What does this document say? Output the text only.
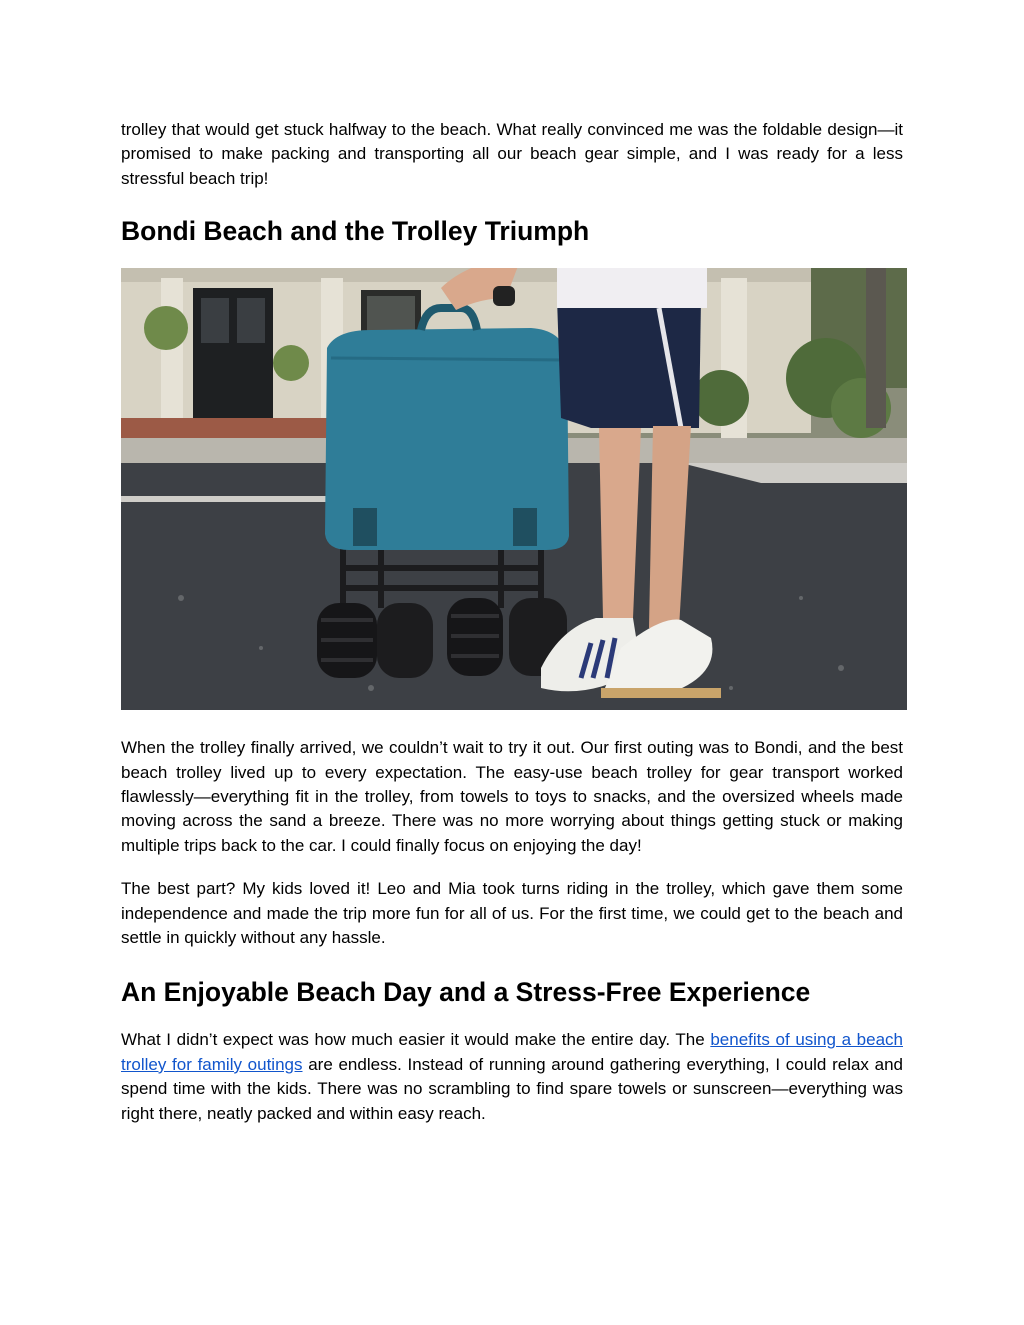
trolley that would get stuck halfway to the beach. What really convinced me was the foldable design—it promised to make packing and transporting all our beach gear simple, and I was ready for a less stressful beach trip!

Bondi Beach and the Trolley Triumph

When the trolley finally arrived, we couldn’t wait to try it out. Our first outing was to Bondi, and the best beach trolley lived up to every expectation. The easy-use beach trolley for gear transport worked flawlessly—everything fit in the trolley, from towels to toys to snacks, and the oversized wheels made moving across the sand a breeze. There was no more worrying about things getting stuck or making multiple trips back to the car. I could finally focus on enjoying the day!

The best part? My kids loved it! Leo and Mia took turns riding in the trolley, which gave them some independence and made the trip more fun for all of us. For the first time, we could get to the beach and settle in quickly without any hassle.

An Enjoyable Beach Day and a Stress-Free Experience

What I didn’t expect was how much easier it would make the entire day. The benefits of using a beach trolley for family outings are endless. Instead of running around gathering everything, I could relax and spend time with the kids. There was no scrambling to find spare towels or sunscreen—everything was right there, neatly packed and within easy reach.
